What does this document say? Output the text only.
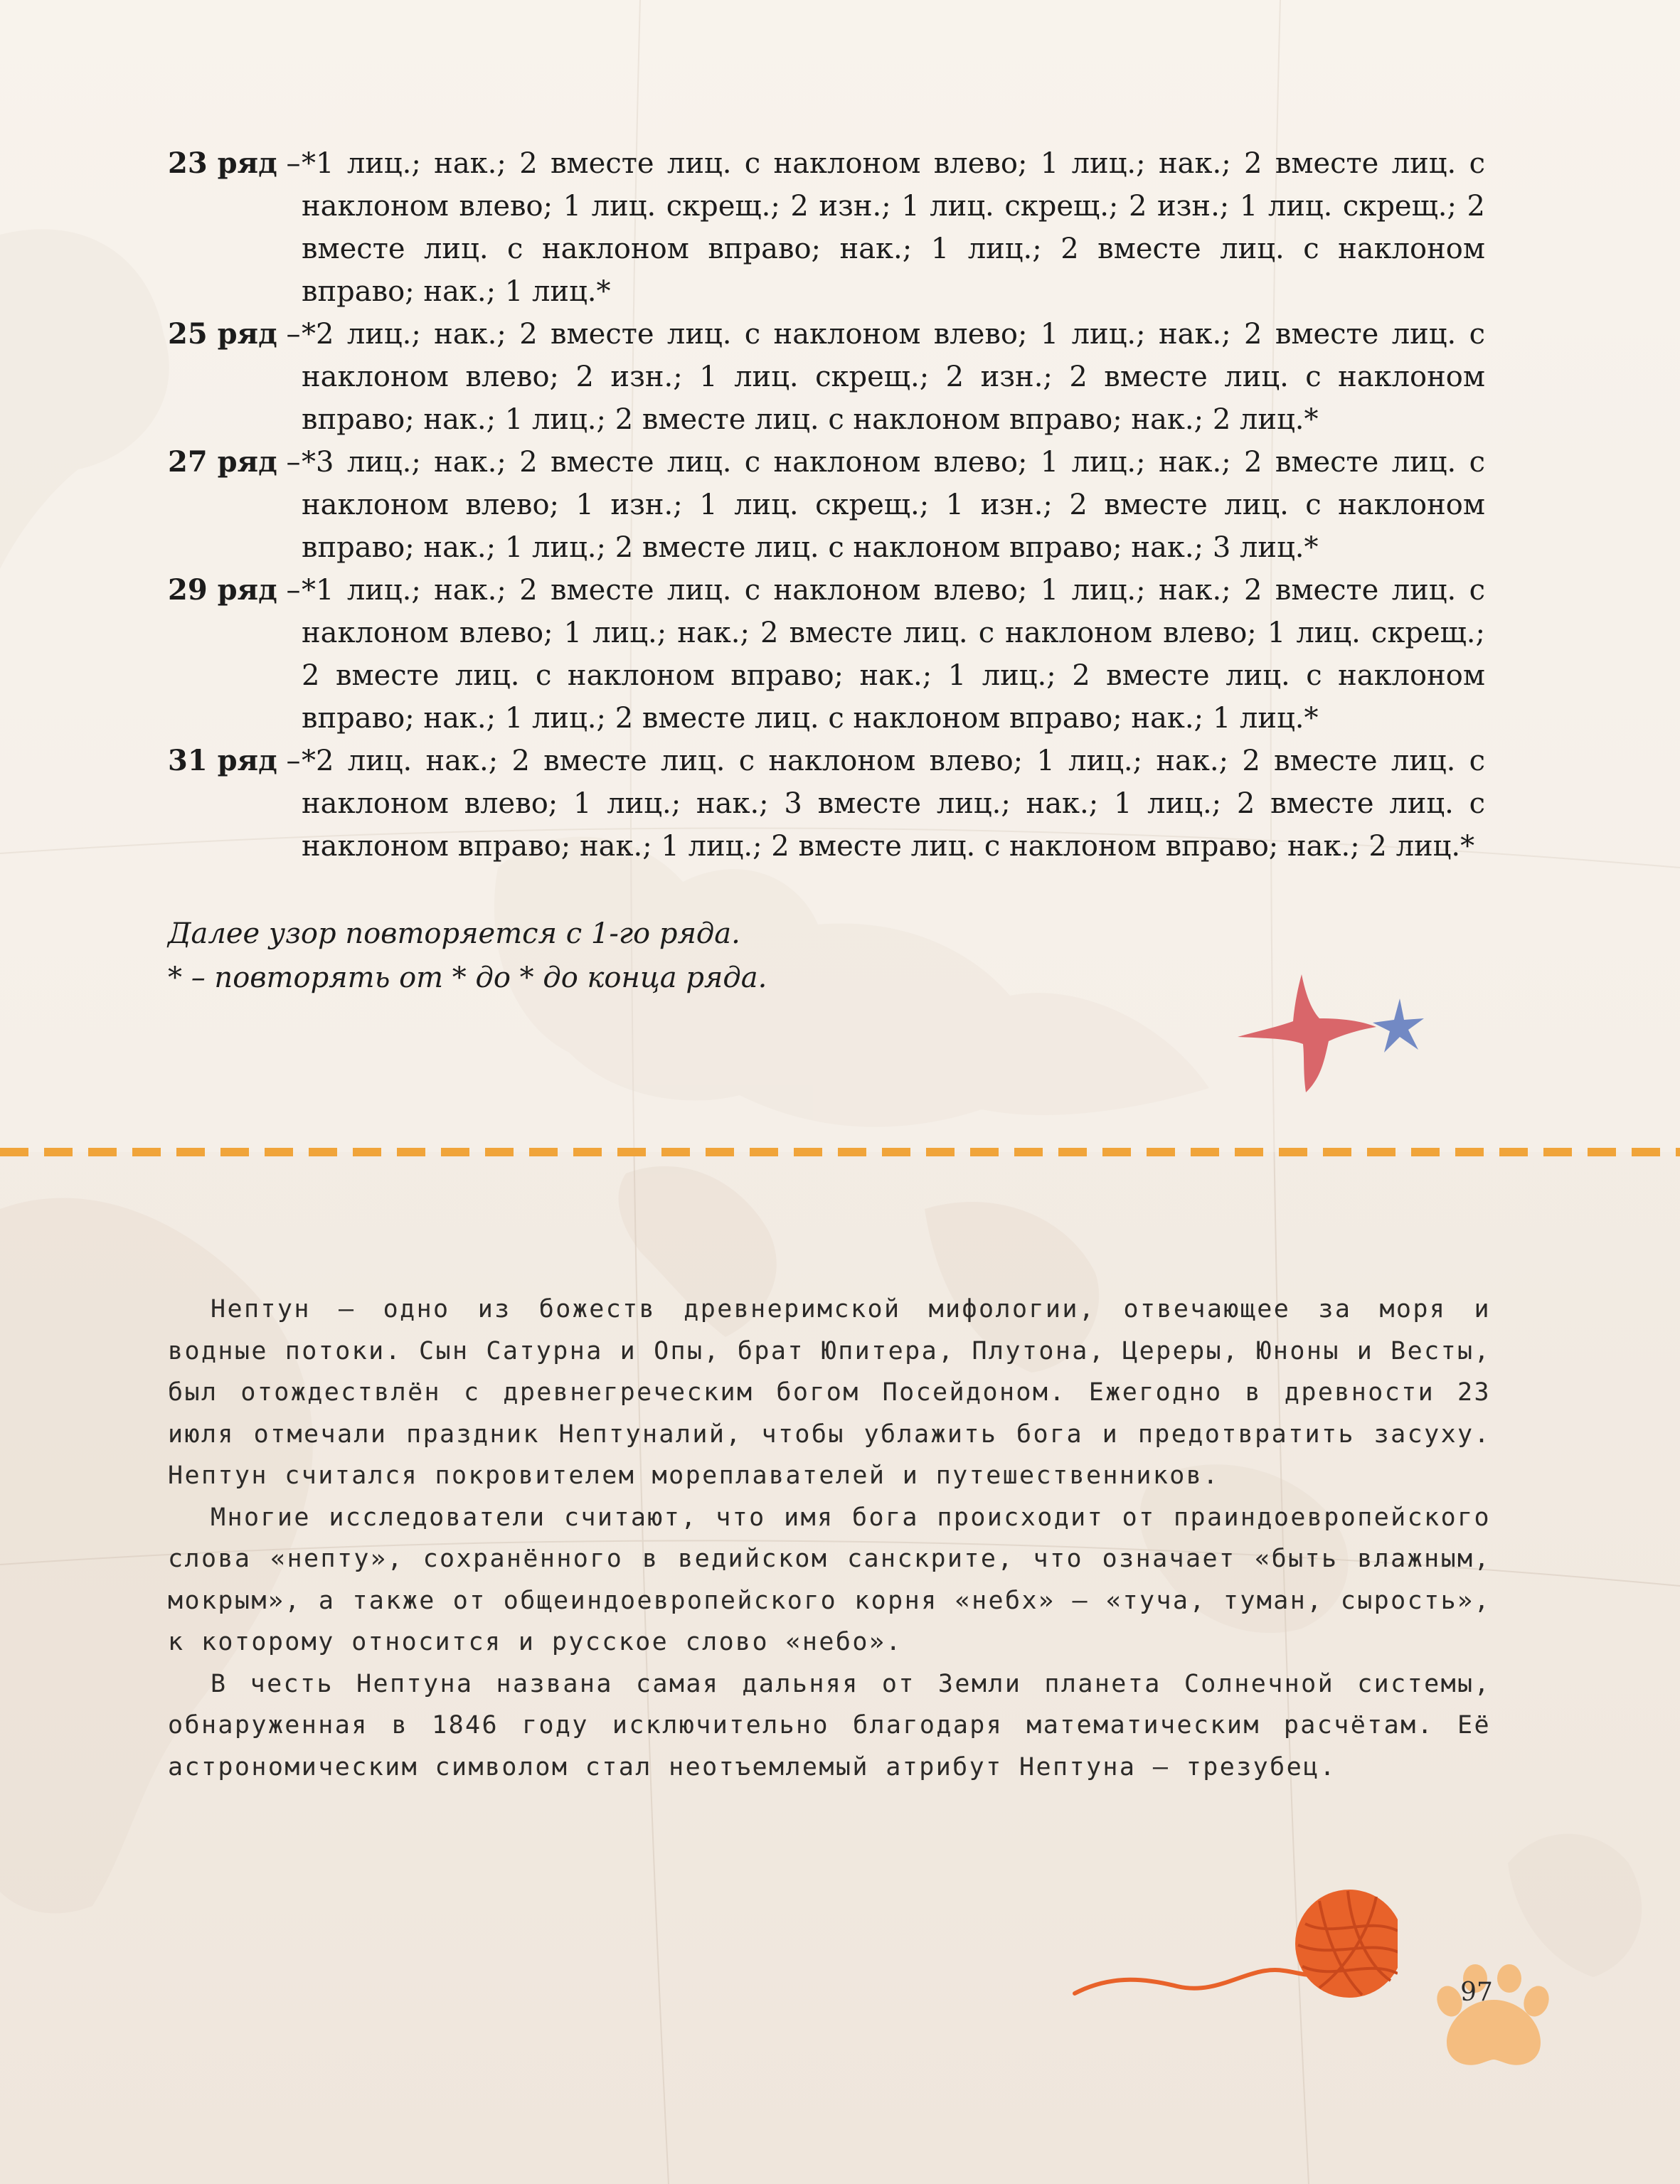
23 ряд – *1 лиц.; нак.; 2 вместе лиц. с наклоном влево; 1 лиц.; нак.; 2 вместе лиц. с наклоном влево; 1 лиц. скрещ.; 2 изн.; 1 лиц. скрещ.; 2 изн.; 1 лиц. скрещ.; 2 вместе лиц. с наклоном вправо; нак.; 1 лиц.; 2 вместе лиц. с наклоном вправо; нак.; 1 лиц.*
25 ряд – *2 лиц.; нак.; 2 вместе лиц. с наклоном влево; 1 лиц.; нак.; 2 вместе лиц. с наклоном влево; 2 изн.; 1 лиц. скрещ.; 2 изн.; 2 вместе лиц. с наклоном вправо; нак.; 1 лиц.; 2 вместе лиц. с наклоном вправо; нак.; 2 лиц.*
27 ряд – *3 лиц.; нак.; 2 вместе лиц. с наклоном влево; 1 лиц.; нак.; 2 вместе лиц. с наклоном влево; 1 изн.; 1 лиц. скрещ.; 1 изн.; 2 вместе лиц. с наклоном вправо; нак.; 1 лиц.; 2 вместе лиц. с наклоном вправо; нак.; 3 лиц.*
29 ряд – *1 лиц.; нак.; 2 вместе лиц. с наклоном влево; 1 лиц.; нак.; 2 вместе лиц. с наклоном влево; 1 лиц.; нак.; 2 вместе лиц. с наклоном влево; 1 лиц. скрещ.; 2 вместе лиц. с наклоном вправо; нак.; 1 лиц.; 2 вместе лиц. с наклоном вправо; нак.; 1 лиц.; 2 вместе лиц. с наклоном вправо; нак.; 1 лиц.*
31 ряд – *2 лиц. нак.; 2 вместе лиц. с наклоном влево; 1 лиц.; нак.; 2 вместе лиц. с наклоном влево; 1 лиц.; нак.; 3 вместе лиц.; нак.; 1 лиц.; 2 вместе лиц. с наклоном вправо; нак.; 1 лиц.; 2 вместе лиц. с наклоном вправо; нак.; 2 лиц.*
Далее узор повторяется с 1-го ряда.
* – повторять от * до * до конца ряда.

Нептун – одно из божеств древнеримской мифологии, отвечающее за моря и водные потоки. Сын Сатурна и Опы, брат Юпитера, Плутона, Цереры, Юноны и Весты, был отождествлён с древнегреческим богом Посейдоном. Ежегодно в древности 23 июля отмечали праздник Нептуналий, чтобы ублажить бога и предотвратить засуху. Нептун считался покровителем мореплавателей и путешественников.

Многие исследователи считают, что имя бога происходит от праиндоевропейского слова «непту», сохранённого в ведийском санскрите, что означает «быть влажным, мокрым», а также от общеиндоевропейского корня «небх» – «туча, туман, сырость», к которому относится и русское слово «небо».

В честь Нептуна названа самая дальняя от Земли планета Солнечной системы, обнаруженная в 1846 году исключительно благодаря математическим расчётам. Её астрономическим символом стал неотъемлемый атрибут Нептуна – трезубец.

97
